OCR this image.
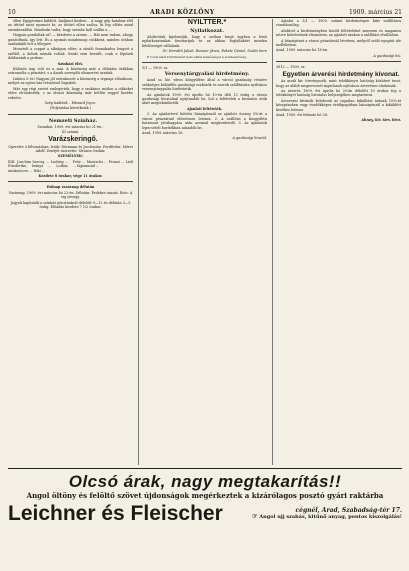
10	ARADI KÖZLÖNY	1909. március 21

ellen Egyiptomra küldött, hadjárat közben... A nagy gép hatalma elől az úttörő mint nyomott fa; az úttörő ellen szólva, ki fog előtte mind szembeszállni. Mindenki tudta, hogy szembe kell szállni a ...

Hogyan gondoltak rá? — kérdezte a szeme. — Hát nem tudom, ahogy gondoltunk, így lett. És a nyomás mindennap csökkent, minden órában szabadabb lett a lélegzet.

Menetelt a csapat a síkságon előre, a zászló fennakadva lengett a széltől, a dobok némák voltak. Senki sem beszélt, csak a lépések dobbantak a porban.

Színházi élet.

Különös nap volt ez a mai. A közönség már a délutáni órákban ostromolta a pénztárt, s a darab szereplői elismerést arattak.

Lukács S és! Nagyon jól szórakozott a közönség a tegnapi előadáson, melyet az egész ház tetszéssel fogadott.

Már egy régi esetet emlegettek, hogy a szokásos módon a cikkeket előre elrendezték, s az olvasó közönség már hétfőn reggel kezébe vehette.

Szép hadiérd... Edward Joyce.

(Folytatása következik.)

Nemzeti Színház.

Szombat, 1909. évi március hó 21-én :

41 számú.

Varázskeringő.

Operette 3 felvonásban. Irták: Dörmann és Jacobsohn. Fordította: Mérei Adolf. Zenéjét szerzette: Strauss Oszkár.

SZEMÉLYEK:

XIII. Joachim herceg ... Ludwig ... Friederike, leánya ... Lothar, unokaöccse ... Niki ...

Fritz ... Montschi ... Franzi ... Lizli ... Sigismund ...

Kezdete 8 órakor, vége 11 órakor.

Holnap vasárnap délután

Vasárnap, 1909. évi március hó 22-én. Délután: Érdekes utazás. Este: A vig özvegy.

Jegyek kaphatók a színház pénztáránál délelőtt 9—12 és délután 3—5 óráig. Előadás kezdete 7 1/2 órakor.

NYILTTÉR.*

Nyilatkozat.

Alulírottak kijelentjük, hogy a szóban forgó ügyben a fenti nyilatkozatunkat fenntartjuk és az abban foglaltakért minden felelősséget vállalunk.

Dr. Horváth Jakab, Rosmer János, Fekete Dániel, Szabó Imre

E rovat alatt közlöttekért nem vállal felelősséget a szerkesztőség.

3/1 — 1909. sz.

Versenytárgyalási hirdetmény.

Arad sz. kir. város közgyűlése által a városi gazdaság részére szükséges különféle gazdasági eszközök és szerek szállítására nyilvános versenytárgyalás hirdettetik.

Az ajánlatok 1909. évi április hó 10-én déli 12 óráig a városi gazdasági hivatalnál nyújtandók be, hol a feltételek a hivatalos órák alatt megtekinthetők.

Ajánlati feltételek.

1. Az ajánlattevő köteles bánatpénzül az ajánlott összeg 5%-át a városi pénztárnál előzetesen letenni. 2. A szállítás a közgyűlési határozat jóváhagyása után azonnal megkezdendő. 3. Az ajánlatok lepecsételt borítékban adandók be.

Arad, 1909. március 16.

A gazdasági hivatal.

Ajánlat a 3/1 — 1909. számú hirdetményre kiírt szállításra vonatkozólag.

Alulírott a hirdetményben közölt feltételeket ismerem és magamra nézve kötelezőnek elismerem, az ajánlott árakon a szállítást elvállalom.

A bánatpénzt a városi pénztárnál letettem, melyről szóló nyugtát ide mellékelem.

Arad, 1909. március hó 18-án.

A gazdasági hiv.

3912 — 1909. sz.

Egyetlen árverési hirdetmény kivonat.

Az aradi kir. törvényszék, mint telekkönyvi hatóság közhírré teszi, hogy az alább megnevezett ingatlanok nyilvános árverésen eladatnak.

Az árverés 1909. évi április hó 20-án délelőtt 10 órakor fog a telekkönyvi hatóság hivatalos helyiségében megtartatni.

Árverezni kívánók kötelesek az ingatlan kikiáltási árának 10%-át készpénzben vagy óvadékképes értékpapírban bánatpénzül a kiküldött kezéhez letenni.

Arad, 1909. évi február hó 28.

Ahney, kir. törv. biró.

Olcsó árak, nagy megtakarítás!!
Angol öltöny és felöltő szövet újdonságok megérkeztek a kizárólagos posztó gyári raktárba
Leichner és Fleischer	cégnél, Arad, Szabadság-tér 17.
☞ Angol ujj szabás, kitűnő anyag, pontos kiszolgálás!
